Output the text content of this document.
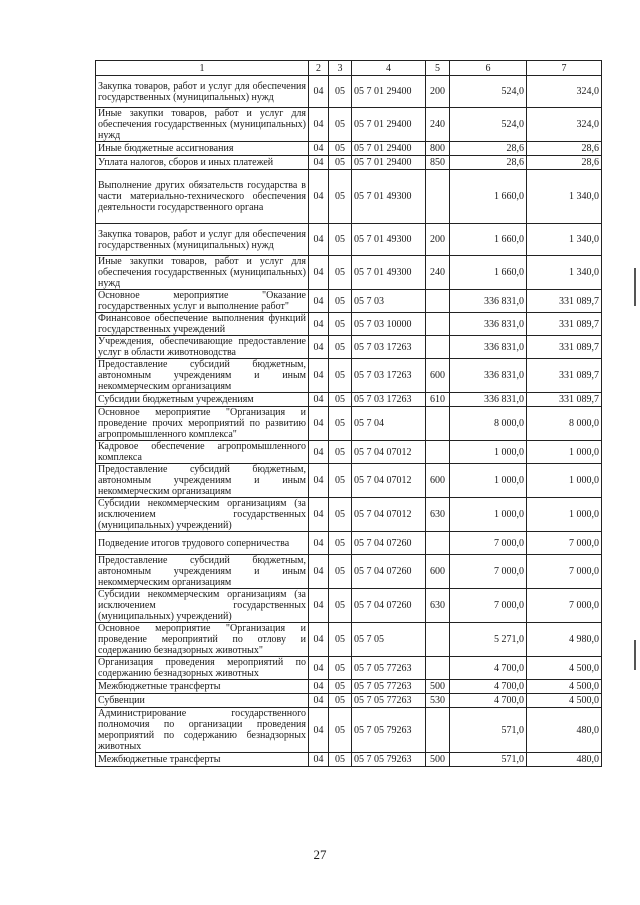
1	2	3	4	5	6	7
Закупка товаров, работ и услуг для обеспечения государственных (муниципальных) нужд	04	05	05 7 01 29400	200	524,0	324,0
Иные закупки товаров, работ и услуг для обеспечения государственных (муниципальных) нужд	04	05	05 7 01 29400	240	524,0	324,0
Иные бюджетные ассигнования	04	05	05 7 01 29400	800	28,6	28,6
Уплата налогов, сборов и иных платежей	04	05	05 7 01 29400	850	28,6	28,6
Выполнение других обязательств государства в части материально-технического обеспечения деятельности государственного органа	04	05	05 7 01 49300		1 660,0	1 340,0
Закупка товаров, работ и услуг для обеспечения государственных (муниципальных) нужд	04	05	05 7 01 49300	200	1 660,0	1 340,0
Иные закупки товаров, работ и услуг для обеспечения государственных (муниципальных) нужд	04	05	05 7 01 49300	240	1 660,0	1 340,0
Основное мероприятие "Оказание государственных услуг и выполнение работ"	04	05	05 7 03		336 831,0	331 089,7
Финансовое обеспечение выполнения функций государственных учреждений	04	05	05 7 03 10000		336 831,0	331 089,7
Учреждения, обеспечивающие предоставление услуг в области животноводства	04	05	05 7 03 17263		336 831,0	331 089,7
Предоставление субсидий бюджетным, автономным учреждениям и иным некоммерческим организациям	04	05	05 7 03 17263	600	336 831,0	331 089,7
Субсидии бюджетным учреждениям	04	05	05 7 03 17263	610	336 831,0	331 089,7
Основное мероприятие "Организация и проведение прочих мероприятий по развитию агропромышленного комплекса"	04	05	05 7 04		8 000,0	8 000,0
Кадровое обеспечение агропромышленного комплекса	04	05	05 7 04 07012		1 000,0	1 000,0
Предоставление субсидий бюджетным, автономным учреждениям и иным некоммерческим организациям	04	05	05 7 04 07012	600	1 000,0	1 000,0
Субсидии некоммерческим организациям (за исключением государственных (муниципальных) учреждений)	04	05	05 7 04 07012	630	1 000,0	1 000,0
Подведение итогов трудового соперничества	04	05	05 7 04 07260		7 000,0	7 000,0
Предоставление субсидий бюджетным, автономным учреждениям и иным некоммерческим организациям	04	05	05 7 04 07260	600	7 000,0	7 000,0
Субсидии некоммерческим организациям (за исключением государственных (муниципальных) учреждений)	04	05	05 7 04 07260	630	7 000,0	7 000,0
Основное мероприятие "Организация и проведение мероприятий по отлову и содержанию безнадзорных животных"	04	05	05 7 05		5 271,0	4 980,0
Организация проведения мероприятий по содержанию безнадзорных животных	04	05	05 7 05 77263		4 700,0	4 500,0
Межбюджетные трансферты	04	05	05 7 05 77263	500	4 700,0	4 500,0
Субвенции	04	05	05 7 05 77263	530	4 700,0	4 500,0
Администрирование государственного полномочия по организации проведения мероприятий по содержанию безнадзорных животных	04	05	05 7 05 79263		571,0	480,0
Межбюджетные трансферты	04	05	05 7 05 79263	500	571,0	480,0
27
